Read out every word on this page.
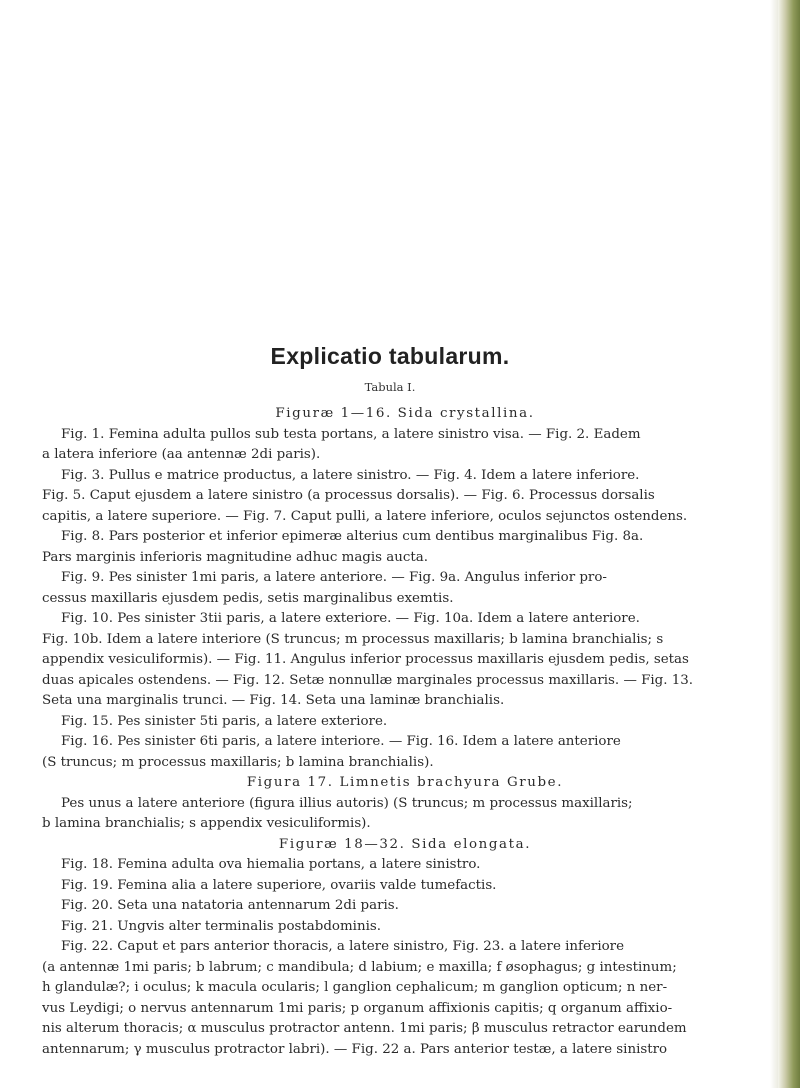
Explicatio tabularum.
Tabula I.
Figuræ 1—16. Sida crystallina.
Fig. 1. Femina adulta pullos sub testa portans, a latere sinistro visa. — Fig. 2. Eadem
a latera inferiore (aa antennæ 2di paris).
Fig. 3. Pullus e matrice productus, a latere sinistro. — Fig. 4. Idem a latere inferiore.
Fig. 5. Caput ejusdem a latere sinistro (a processus dorsalis). — Fig. 6. Processus dorsalis
capitis, a latere superiore. — Fig. 7. Caput pulli, a latere inferiore, oculos sejunctos ostendens.
Fig. 8. Pars posterior et inferior epimeræ alterius cum dentibus marginalibus Fig. 8a.
Pars marginis inferioris magnitudine adhuc magis aucta.
Fig. 9. Pes sinister 1mi paris, a latere anteriore. — Fig. 9a. Angulus inferior pro-
cessus maxillaris ejusdem pedis, setis marginalibus exemtis.
Fig. 10. Pes sinister 3tii paris, a latere exteriore. — Fig. 10a. Idem a latere anteriore.
Fig. 10b. Idem a latere interiore (S truncus; m processus maxillaris; b lamina branchialis; s
appendix vesiculiformis). — Fig. 11. Angulus inferior processus maxillaris ejusdem pedis, setas
duas apicales ostendens. — Fig. 12. Setæ nonnullæ marginales processus maxillaris. — Fig. 13.
Seta una marginalis trunci. — Fig. 14. Seta una laminæ branchialis.
Fig. 15. Pes sinister 5ti paris, a latere exteriore.
Fig. 16. Pes sinister 6ti paris, a latere interiore. — Fig. 16. Idem a latere anteriore
(S truncus; m processus maxillaris; b lamina branchialis).
Figura 17. Limnetis brachyura Grube.
Pes unus a latere anteriore (figura illius autoris) (S truncus; m processus maxillaris;
b lamina branchialis; s appendix vesiculiformis).
Figuræ 18—32. Sida elongata.
Fig. 18. Femina adulta ova hiemalia portans, a latere sinistro.
Fig. 19. Femina alia a latere superiore, ovariis valde tumefactis.
Fig. 20. Seta una natatoria antennarum 2di paris.
Fig. 21. Ungvis alter terminalis postabdominis.
Fig. 22. Caput et pars anterior thoracis, a latere sinistro, Fig. 23. a latere inferiore
(a antennæ 1mi paris; b labrum; c mandibula; d labium; e maxilla; f øsophagus; g intestinum;
h glandulæ?; i oculus; k macula ocularis; l ganglion cephalicum; m ganglion opticum; n ner-
vus Leydigi; o nervus antennarum 1mi paris; p organum affixionis capitis; q organum affixio-
nis alterum thoracis; α musculus protractor antenn. 1mi paris; β musculus retractor earundem
antennarum; γ musculus protractor labri). — Fig. 22 a. Pars anterior testæ, a latere sinistro
